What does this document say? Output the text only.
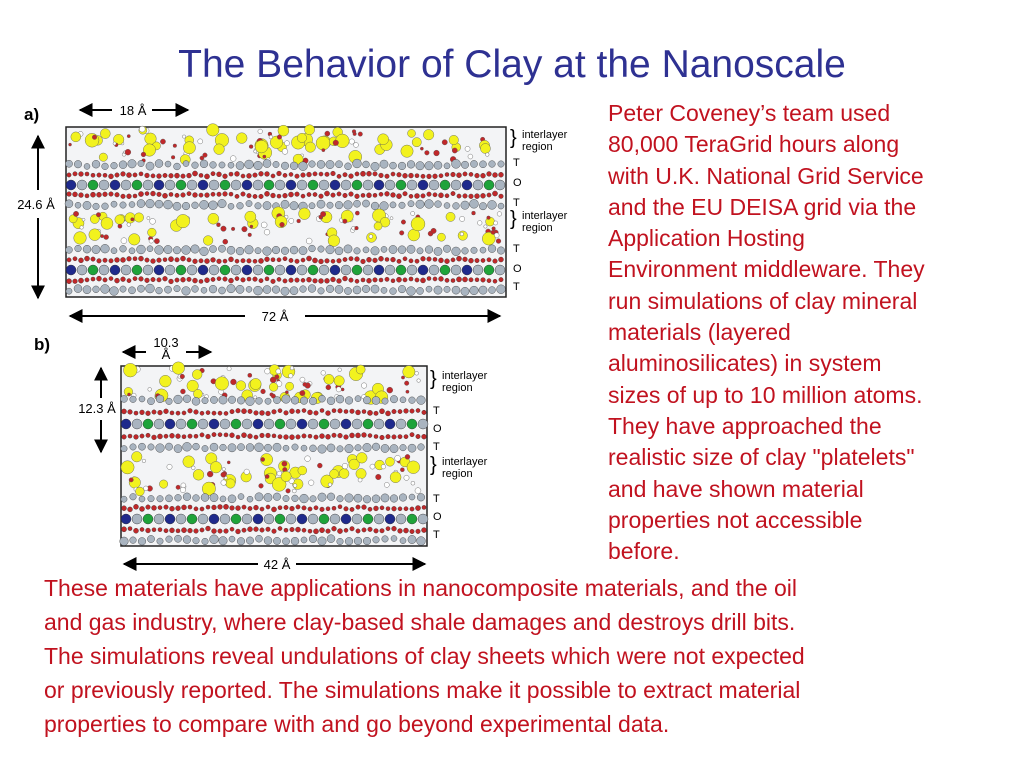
The Behavior of Clay at the Nanoscale
a)	18 Å
24.6 Å
72 Å
} interlayer region
T
O
T
} interlayer region
T
O
T
b)	10.3 Å
12.3 Å
42 Å
} interlayer region
T
O
T
} interlayer region
T
O
T
Peter Coveney’s team used
80,000 TeraGrid hours along
with U.K. National Grid Service
and the EU DEISA grid via the
Application Hosting
Environment middleware. They
run simulations of clay mineral
materials (layered
aluminosilicates) in system
sizes of up to 10 million atoms.
They have approached the
realistic size of clay "platelets"
and have shown material
properties not accessible
before.
These materials have applications in nanocomposite materials, and the oil
and gas industry, where clay-based shale damages and destroys drill bits.
The simulations reveal undulations of clay sheets which were not expected
or previously reported. The simulations make it possible to extract material
properties to compare with and go beyond experimental data.
